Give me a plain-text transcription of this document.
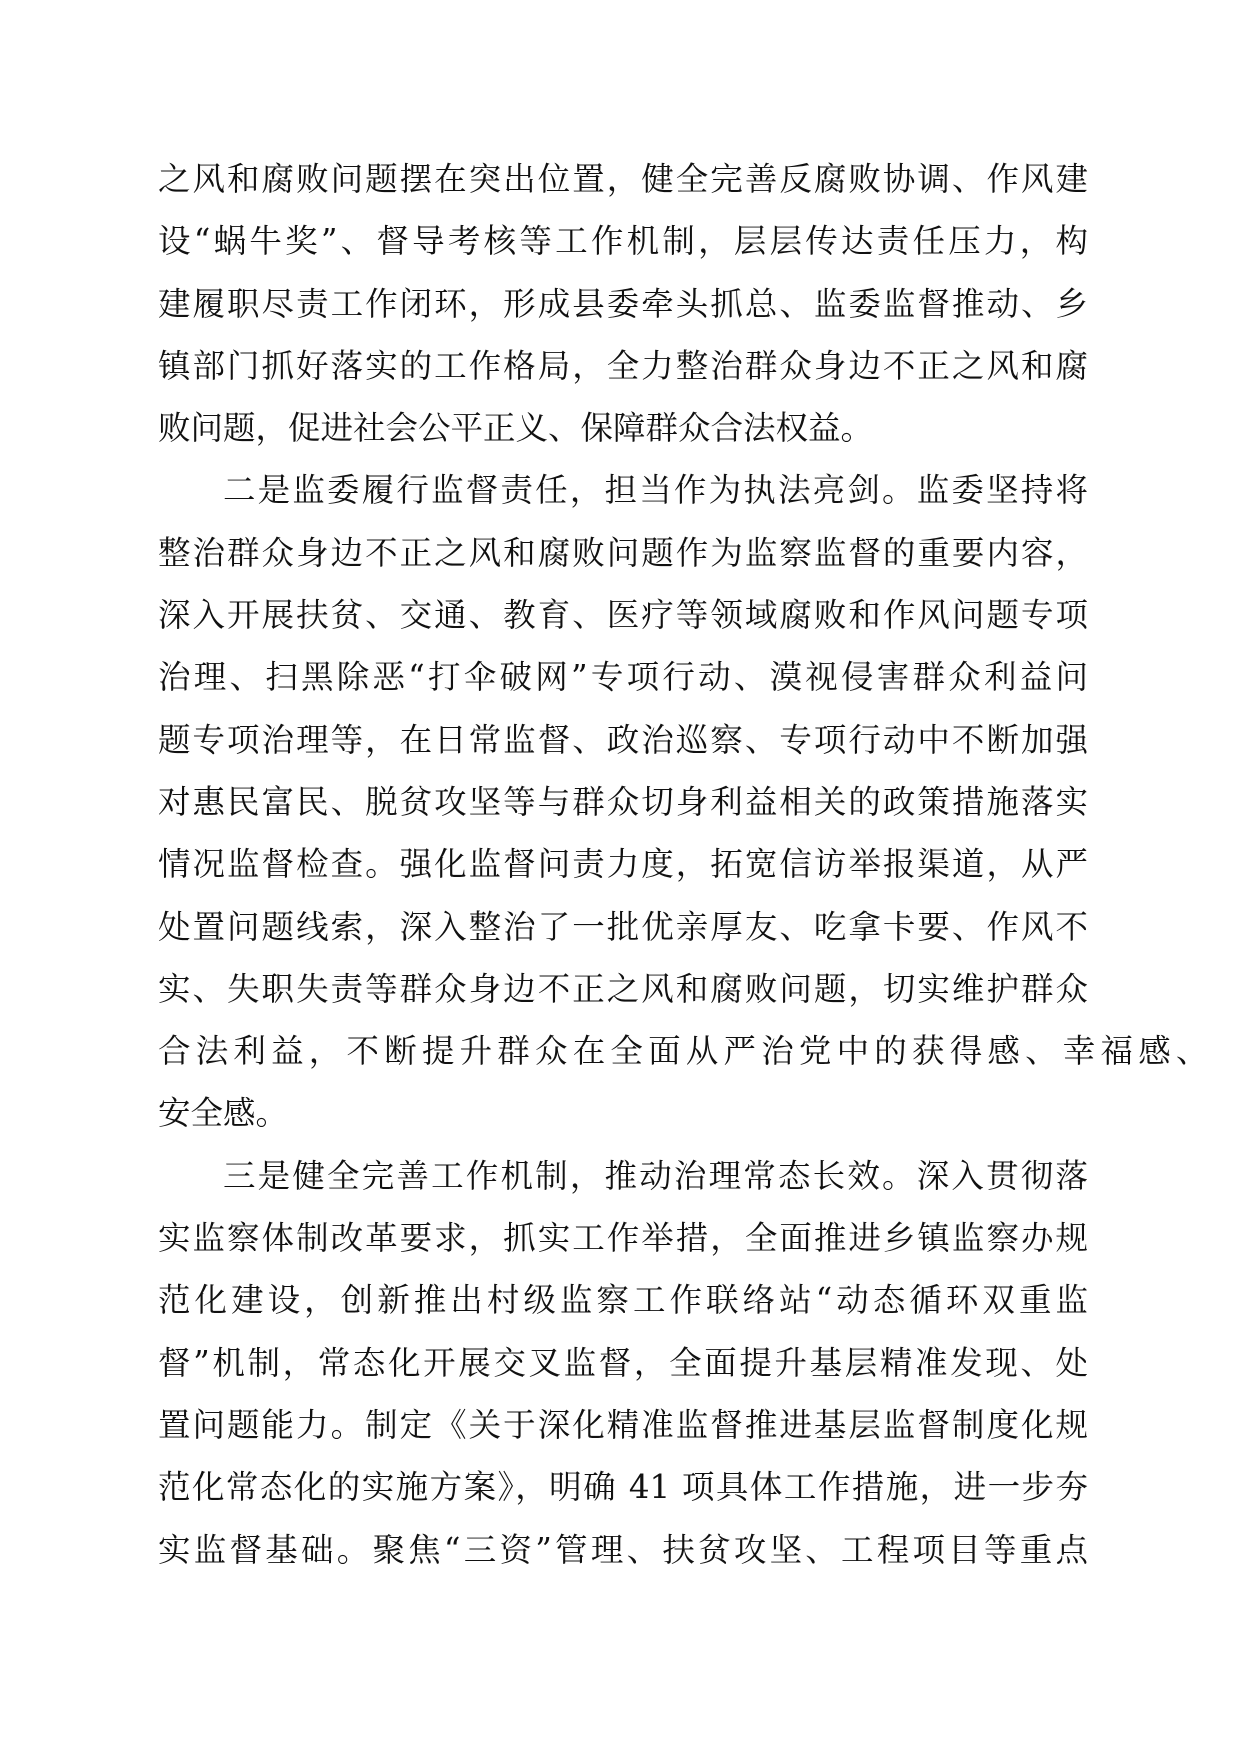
之风和腐败问题摆在突出位置，健全完善反腐败协调、作风建
设“蜗牛奖”、督导考核等工作机制，层层传达责任压力，构
建履职尽责工作闭环，形成县委牵头抓总、监委监督推动、乡
镇部门抓好落实的工作格局，全力整治群众身边不正之风和腐
败问题，促进社会公平正义、保障群众合法权益。
二是监委履行监督责任，担当作为执法亮剑。监委坚持将
整治群众身边不正之风和腐败问题作为监察监督的重要内容，
深入开展扶贫、交通、教育、医疗等领域腐败和作风问题专项
治理、扫黑除恶“打伞破网”专项行动、漠视侵害群众利益问
题专项治理等，在日常监督、政治巡察、专项行动中不断加强
对惠民富民、脱贫攻坚等与群众切身利益相关的政策措施落实
情况监督检查。强化监督问责力度，拓宽信访举报渠道，从严
处置问题线索，深入整治了一批优亲厚友、吃拿卡要、作风不
实、失职失责等群众身边不正之风和腐败问题，切实维护群众
合法利益，不断提升群众在全面从严治党中的获得感、幸福感、
安全感。
三是健全完善工作机制，推动治理常态长效。深入贯彻落
实监察体制改革要求，抓实工作举措，全面推进乡镇监察办规
范化建设，创新推出村级监察工作联络站“动态循环双重监
督”机制，常态化开展交叉监督，全面提升基层精准发现、处
置问题能力。制定《关于深化精准监督推进基层监督制度化规
范化常态化的实施方案》，明确 41 项具体工作措施，进一步夯
实监督基础。聚焦“三资”管理、扶贫攻坚、工程项目等重点
